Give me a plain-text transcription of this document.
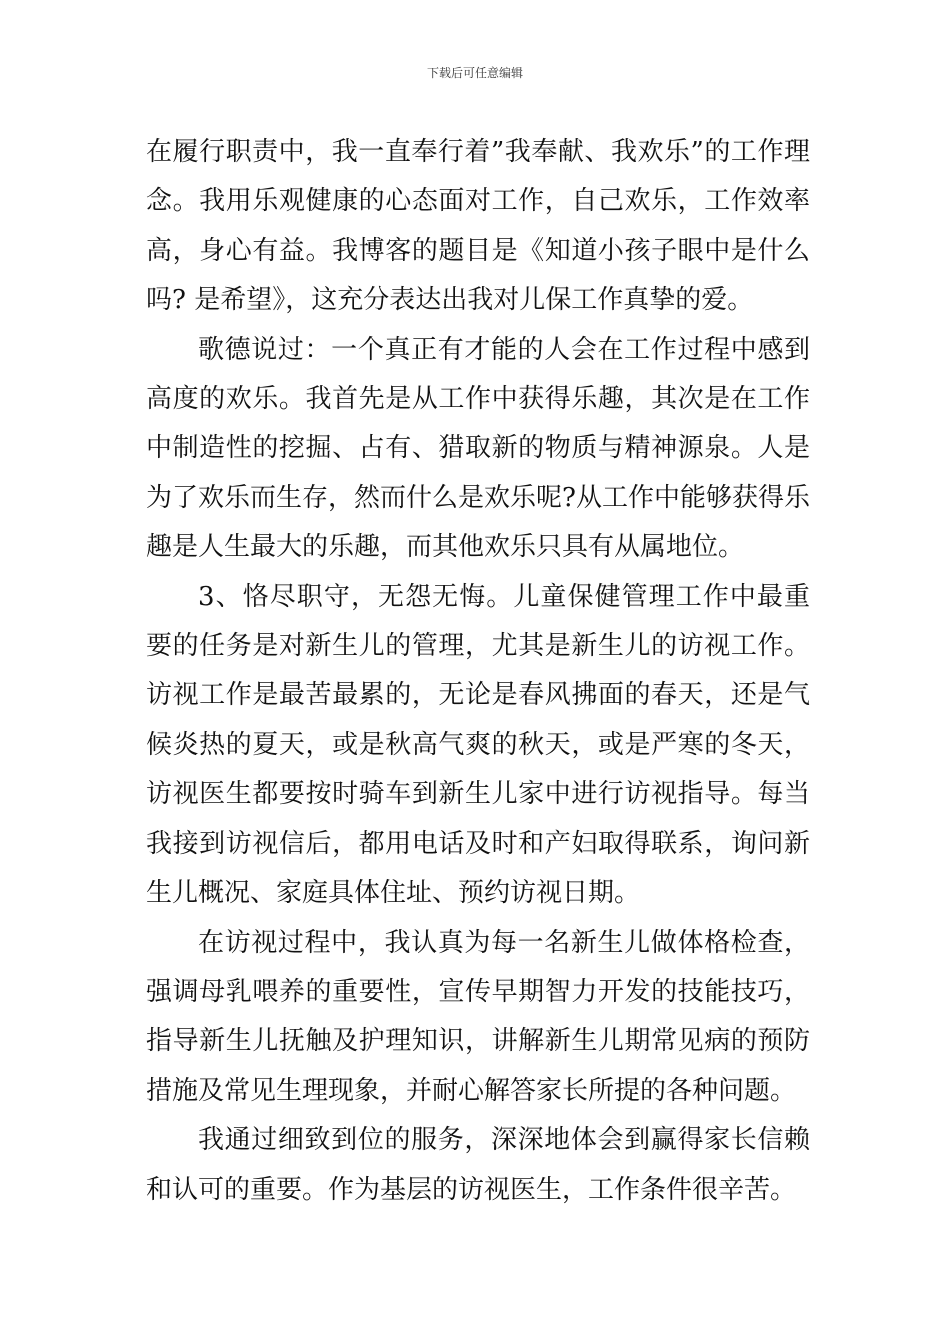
下载后可任意编辑

在履行职责中，我一直奉行着”我奉献、我欢乐”的工作理念。我用乐观健康的心态面对工作，自己欢乐，工作效率高，身心有益。我博客的题目是《知道小孩子眼中是什么吗? 是希望》，这充分表达出我对儿保工作真挚的爱。

歌德说过：一个真正有才能的人会在工作过程中感到高度的欢乐。我首先是从工作中获得乐趣，其次是在工作中制造性的挖掘、占有、猎取新的物质与精神源泉。人是为了欢乐而生存，然而什么是欢乐呢?从工作中能够获得乐趣是人生最大的乐趣，而其他欢乐只具有从属地位。

3、恪尽职守，无怨无悔。儿童保健管理工作中最重要的任务是对新生儿的管理，尤其是新生儿的访视工作。访视工作是最苦最累的，无论是春风拂面的春天，还是气候炎热的夏天，或是秋高气爽的秋天，或是严寒的冬天，访视医生都要按时骑车到新生儿家中进行访视指导。每当我接到访视信后，都用电话及时和产妇取得联系，询问新生儿概况、家庭具体住址、预约访视日期。

在访视过程中，我认真为每一名新生儿做体格检查，强调母乳喂养的重要性，宣传早期智力开发的技能技巧，指导新生儿抚触及护理知识，讲解新生儿期常见病的预防措施及常见生理现象，并耐心解答家长所提的各种问题。

我通过细致到位的服务，深深地体会到赢得家长信赖和认可的重要。作为基层的访视医生，工作条件很辛苦。
